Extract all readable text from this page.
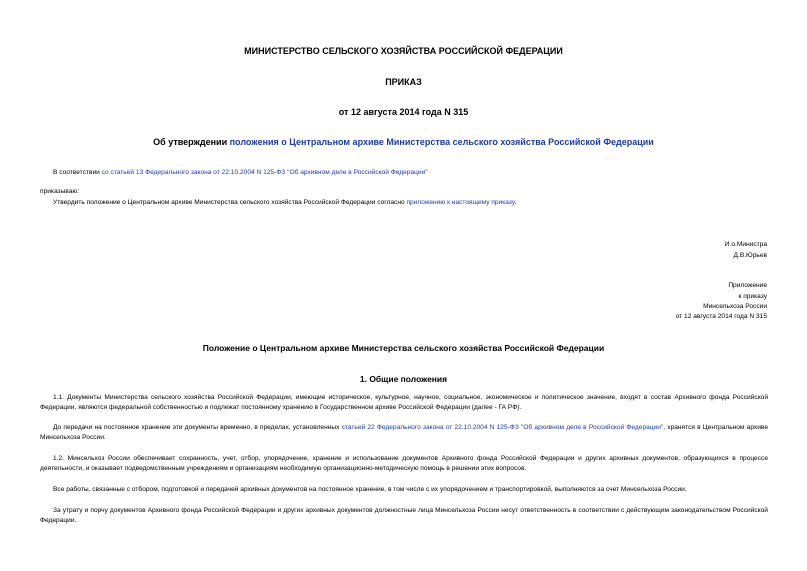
МИНИСТЕРСТВО СЕЛЬСКОГО ХОЗЯЙСТВА РОССИЙСКОЙ ФЕДЕРАЦИИ
ПРИКАЗ
от 12 августа 2014 года N 315
Об утверждении положения о Центральном архиве Министерства сельского хозяйства Российской Федерации
В соответствии со статьей 13 Федерального закона от 22.10.2004 N 125-ФЗ "Об архивном деле в Российской Федерации"
приказываю:
Утвердить положение о Центральном архиве Министерства сельского хозяйства Российской Федерации согласно приложению к настоящему приказу.
И.о.Министра
Д.В.Юрьев
Приложение
к приказу
Минсельхоза России
от 12 августа 2014 года N 315
Положение о Центральном архиве Министерства сельского хозяйства Российской Федерации
1. Общие положения
1.1. Документы Министерства сельского хозяйства Российской Федерации, имеющие историческое, культурное, научное, социальное, экономическое и политическое значение, входят в состав Архивного фонда Российской Федерации, являются федеральной собственностью и подлежат постоянному хранению в Государственном архиве Российской Федерации (далее - ГА РФ).
До передачи на постоянное хранение эти документы временно, в пределах, установленных статьей 22 Федерального закона от 22.10.2004 N 125-ФЗ "Об архивном деле в Российской Федерации", хранятся в Центральном архиве Минсельхоза России.
1.2. Минсельхоз России обеспечивает сохранность, учет, отбор, упорядочение, хранение и использование документов Архивного фонда Российской Федерации и других архивных документов, образующихся в процессе деятельности, и оказывает подведомственным учреждениям и организациям необходимую организационно-методическую помощь в решении этих вопросов.
Все работы, связанные с отбором, подготовкой и передачей архивных документов на постоянное хранение, в том числе с их упорядочением и транспортировкой, выполняются за счет Минсельхоза России.
За утрату и порчу документов Архивного фонда Российской Федерации и других архивных документов должностные лица Минсельхоза России несут ответственность в соответствии с действующим законодательством Российской Федерации.
